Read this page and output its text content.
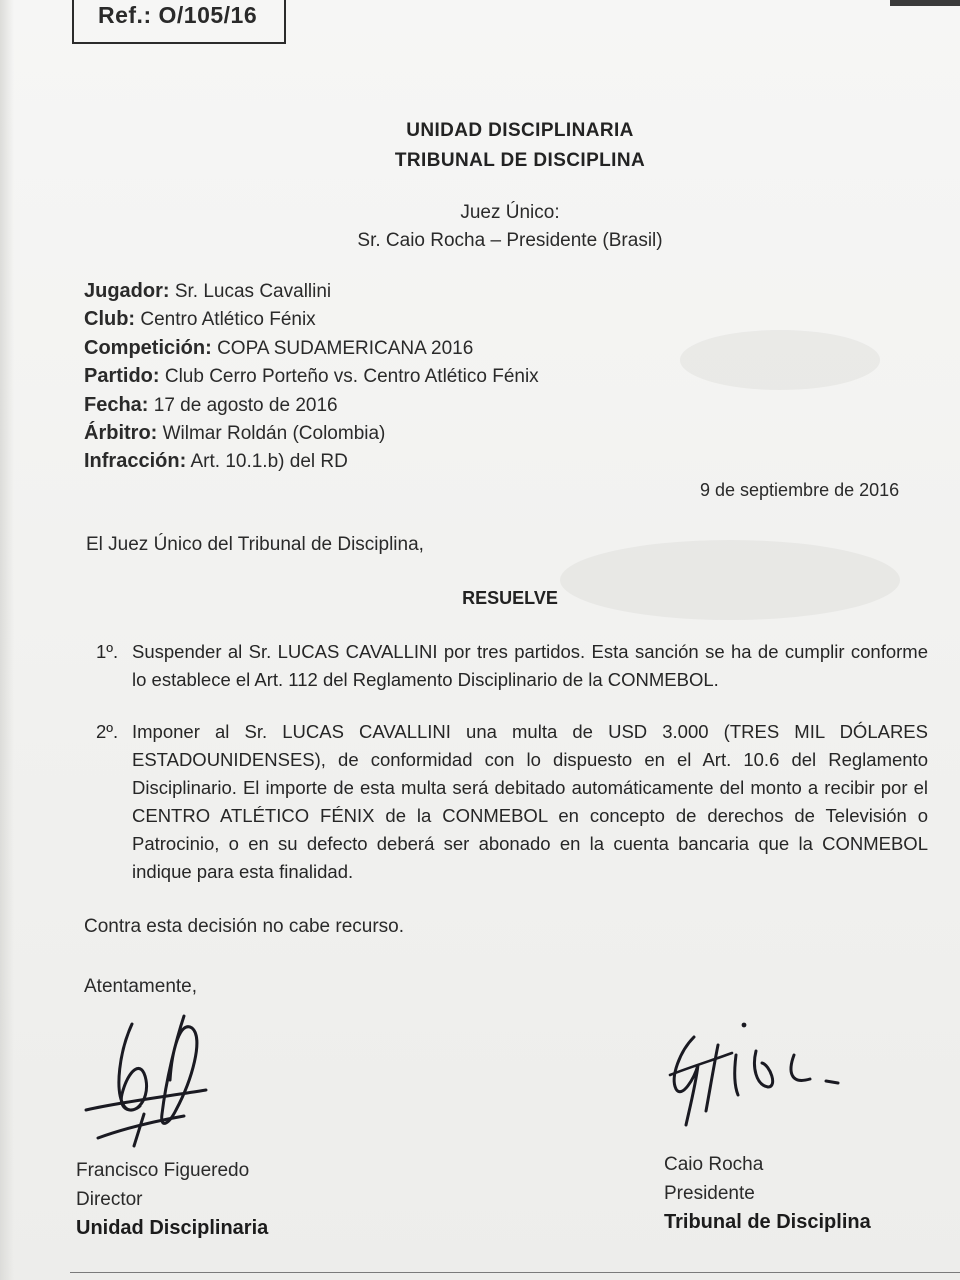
Ref.: O/105/16
UNIDAD DISCIPLINARIA
TRIBUNAL DE DISCIPLINA
Juez Único:
Sr. Caio Rocha – Presidente (Brasil)
Jugador: Sr. Lucas Cavallini
Club: Centro Atlético Fénix
Competición: COPA SUDAMERICANA 2016
Partido: Club Cerro Porteño vs. Centro Atlético Fénix
Fecha: 17 de agosto de 2016
Árbitro: Wilmar Roldán (Colombia)
Infracción: Art. 10.1.b) del RD
9 de septiembre de 2016
El Juez Único del Tribunal de Disciplina,
RESUELVE
1º. Suspender al Sr. LUCAS CAVALLINI por tres partidos. Esta sanción se ha de cumplir conforme lo establece el Art. 112 del Reglamento Disciplinario de la CONMEBOL.
2º. Imponer al Sr. LUCAS CAVALLINI una multa de USD 3.000 (TRES MIL DÓLARES ESTADOUNIDENSES), de conformidad con lo dispuesto en el Art. 10.6 del Reglamento Disciplinario. El importe de esta multa será debitado automáticamente del monto a recibir por el CENTRO ATLÉTICO FÉNIX de la CONMEBOL en concepto de derechos de Televisión o Patrocinio, o en su defecto deberá ser abonado en la cuenta bancaria que la CONMEBOL indique para esta finalidad.
Contra esta decisión no cabe recurso.
Atentamente,
Francisco Figueredo
Director
Unidad Disciplinaria
Caio Rocha
Presidente
Tribunal de Disciplina
